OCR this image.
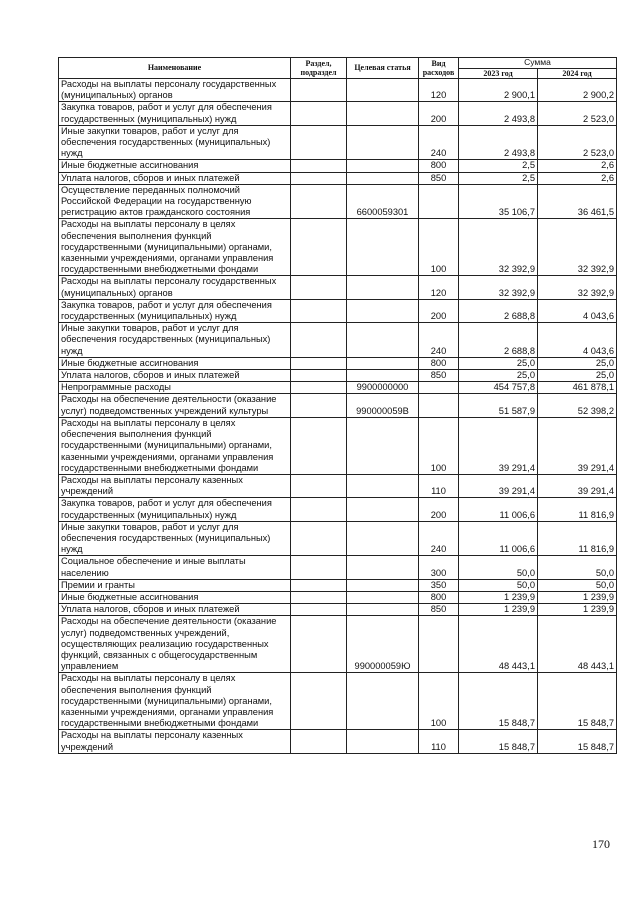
Наименование	Раздел, подраздел	Целевая статья	Вид расходов	Сумма	
				2023 год	2024 год
Расходы на выплаты персоналу государственных (муниципальных) органов			120	2 900,1	2 900,2
Закупка товаров, работ и услуг для обеспечения государственных (муниципальных) нужд			200	2 493,8	2 523,0
Иные закупки товаров, работ и услуг для обеспечения государственных (муниципальных) нужд			240	2 493,8	2 523,0
Иные бюджетные ассигнования			800	2,5	2,6
Уплата налогов, сборов и иных платежей			850	2,5	2,6
Осуществление переданных полномочий Российской Федерации на государственную регистрацию актов гражданского состояния		6600059301		35 106,7	36 461,5
Расходы на выплаты персоналу в целях обеспечения выполнения функций государственными (муниципальными) органами, казенными учреждениями, органами управления государственными внебюджетными фондами			100	32 392,9	32 392,9
Расходы на выплаты персоналу государственных (муниципальных) органов			120	32 392,9	32 392,9
Закупка товаров, работ и услуг для обеспечения государственных (муниципальных) нужд			200	2 688,8	4 043,6
Иные закупки товаров, работ и услуг для обеспечения государственных (муниципальных) нужд			240	2 688,8	4 043,6
Иные бюджетные ассигнования			800	25,0	25,0
Уплата налогов, сборов и иных платежей			850	25,0	25,0
Непрограммные расходы		9900000000		454 757,8	461 878,1
Расходы на обеспечение деятельности (оказание услуг) подведомственных учреждений культуры		990000059В		51 587,9	52 398,2
Расходы на выплаты персоналу в целях обеспечения выполнения функций государственными (муниципальными) органами, казенными учреждениями, органами управления государственными внебюджетными фондами			100	39 291,4	39 291,4
Расходы на выплаты персоналу казенных учреждений			110	39 291,4	39 291,4
Закупка товаров, работ и услуг для обеспечения государственных (муниципальных) нужд			200	11 006,6	11 816,9
Иные закупки товаров, работ и услуг для обеспечения государственных (муниципальных) нужд			240	11 006,6	11 816,9
Социальное обеспечение и иные выплаты населению			300	50,0	50,0
Премии и гранты			350	50,0	50,0
Иные бюджетные ассигнования			800	1 239,9	1 239,9
Уплата налогов, сборов и иных платежей			850	1 239,9	1 239,9
Расходы на обеспечение деятельности (оказание услуг) подведомственных учреждений, осуществляющих реализацию государственных функций, связанных с общегосударственным управлением		990000059Ю		48 443,1	48 443,1
Расходы на выплаты персоналу в целях обеспечения выполнения функций государственными (муниципальными) органами, казенными учреждениями, органами управления государственными внебюджетными фондами			100	15 848,7	15 848,7
Расходы на выплаты персоналу казенных учреждений			110	15 848,7	15 848,7
170
